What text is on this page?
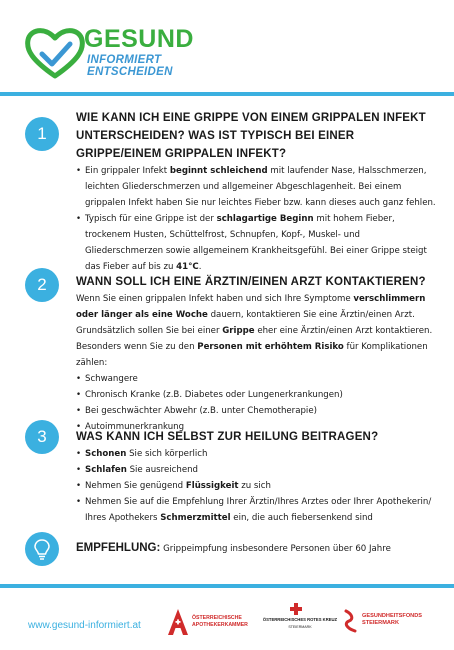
GESUND
INFORMIERT
ENTSCHEIDEN
1
WIE KANN ICH EINE GRIPPE VON EINEM GRIPPALEN INFEKT UNTERSCHEIDEN? WAS IST TYPISCH BEI EINER GRIPPE/EINEM GRIPPALEN INFEKT?
• Ein grippaler Infekt beginnt schleichend mit laufender Nase, Halsschmerzen, leichten Gliederschmerzen und allgemeiner Abgeschlagenheit. Bei einem grippalen Infekt haben Sie nur leichtes Fieber bzw. kann dieses auch ganz fehlen.
• Typisch für eine Grippe ist der schlagartige Beginn mit hohem Fieber, trockenem Husten, Schüttelfrost, Schnupfen, Kopf-, Muskel- und Gliederschmerzen sowie allgemeinem Krankheitsgefühl. Bei einer Grippe steigt das Fieber auf bis zu 41°C.
2	WANN SOLL ICH EINE ÄRZTIN/EINEN ARZT KONTAKTIEREN?

Wenn Sie einen grippalen Infekt haben und sich Ihre Symptome verschlimmern oder länger als eine Woche dauern, kontaktieren Sie eine Ärztin/einen Arzt.

Grundsätzlich sollen Sie bei einer Grippe eher eine Ärztin/einen Arzt kontaktieren.

Besonders wenn Sie zu den Personen mit erhöhtem Risiko für Komplikationen zählen:

• Schwangere
• Chronisch Kranke (z.B. Diabetes oder Lungenerkrankungen)
• Bei geschwächter Abwehr (z.B. unter Chemotherapie)
• Autoimmunerkrankung
3	WAS KANN ICH SELBST ZUR HEILUNG BEITRAGEN?
• Schonen Sie sich körperlich
• Schlafen Sie ausreichend
• Nehmen Sie genügend Flüssigkeit zu sich
• Nehmen Sie auf die Empfehlung Ihrer Ärztin/Ihres Arztes oder Ihrer Apothekerin/ Ihres Apothekers Schmerzmittel ein, die auch fiebersenkend sind
EMPFEHLUNG: Grippeimpfung insbesondere Personen über 60 Jahre
www.gesund-informiert.at
ÖSTERREICHISCHE
APOTHEKERKAMMER
ÖSTERREICHISCHES ROTES KREUZ
STEIERMARK
GESUNDHEITSFONDS
STEIERMARK
